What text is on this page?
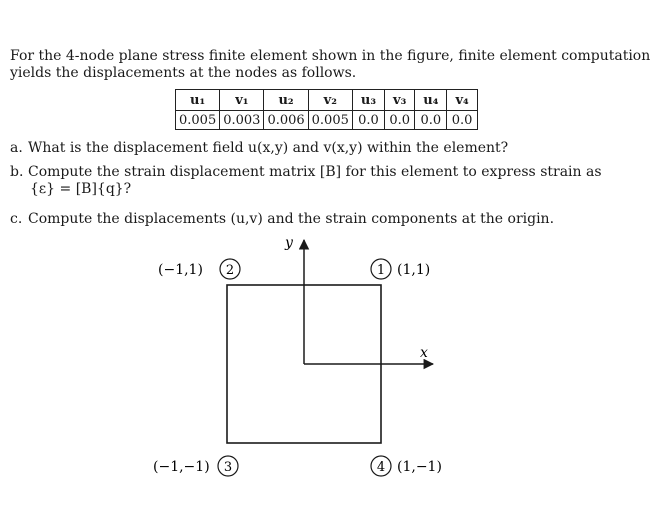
For the 4-node plane stress finite element shown in the figure, finite element computation yields the displacements at the nodes as follows.

u₁	v₁	u₂	v₂	u₃	v₃	u₄	v₄
0.005	0.003	0.006	0.005	0.0	0.0	0.0	0.0

a. What is the displacement field u(x,y) and v(x,y) within the element?

b. Compute the strain displacement matrix [B] for this element to express strain as

{ε} = [B]{q}?

c. Compute the displacements (u,v) and the strain components at the origin.

y
x
(−1,1) 2	1 (1,1)
(−1,−1) 3	4 (1,−1)
